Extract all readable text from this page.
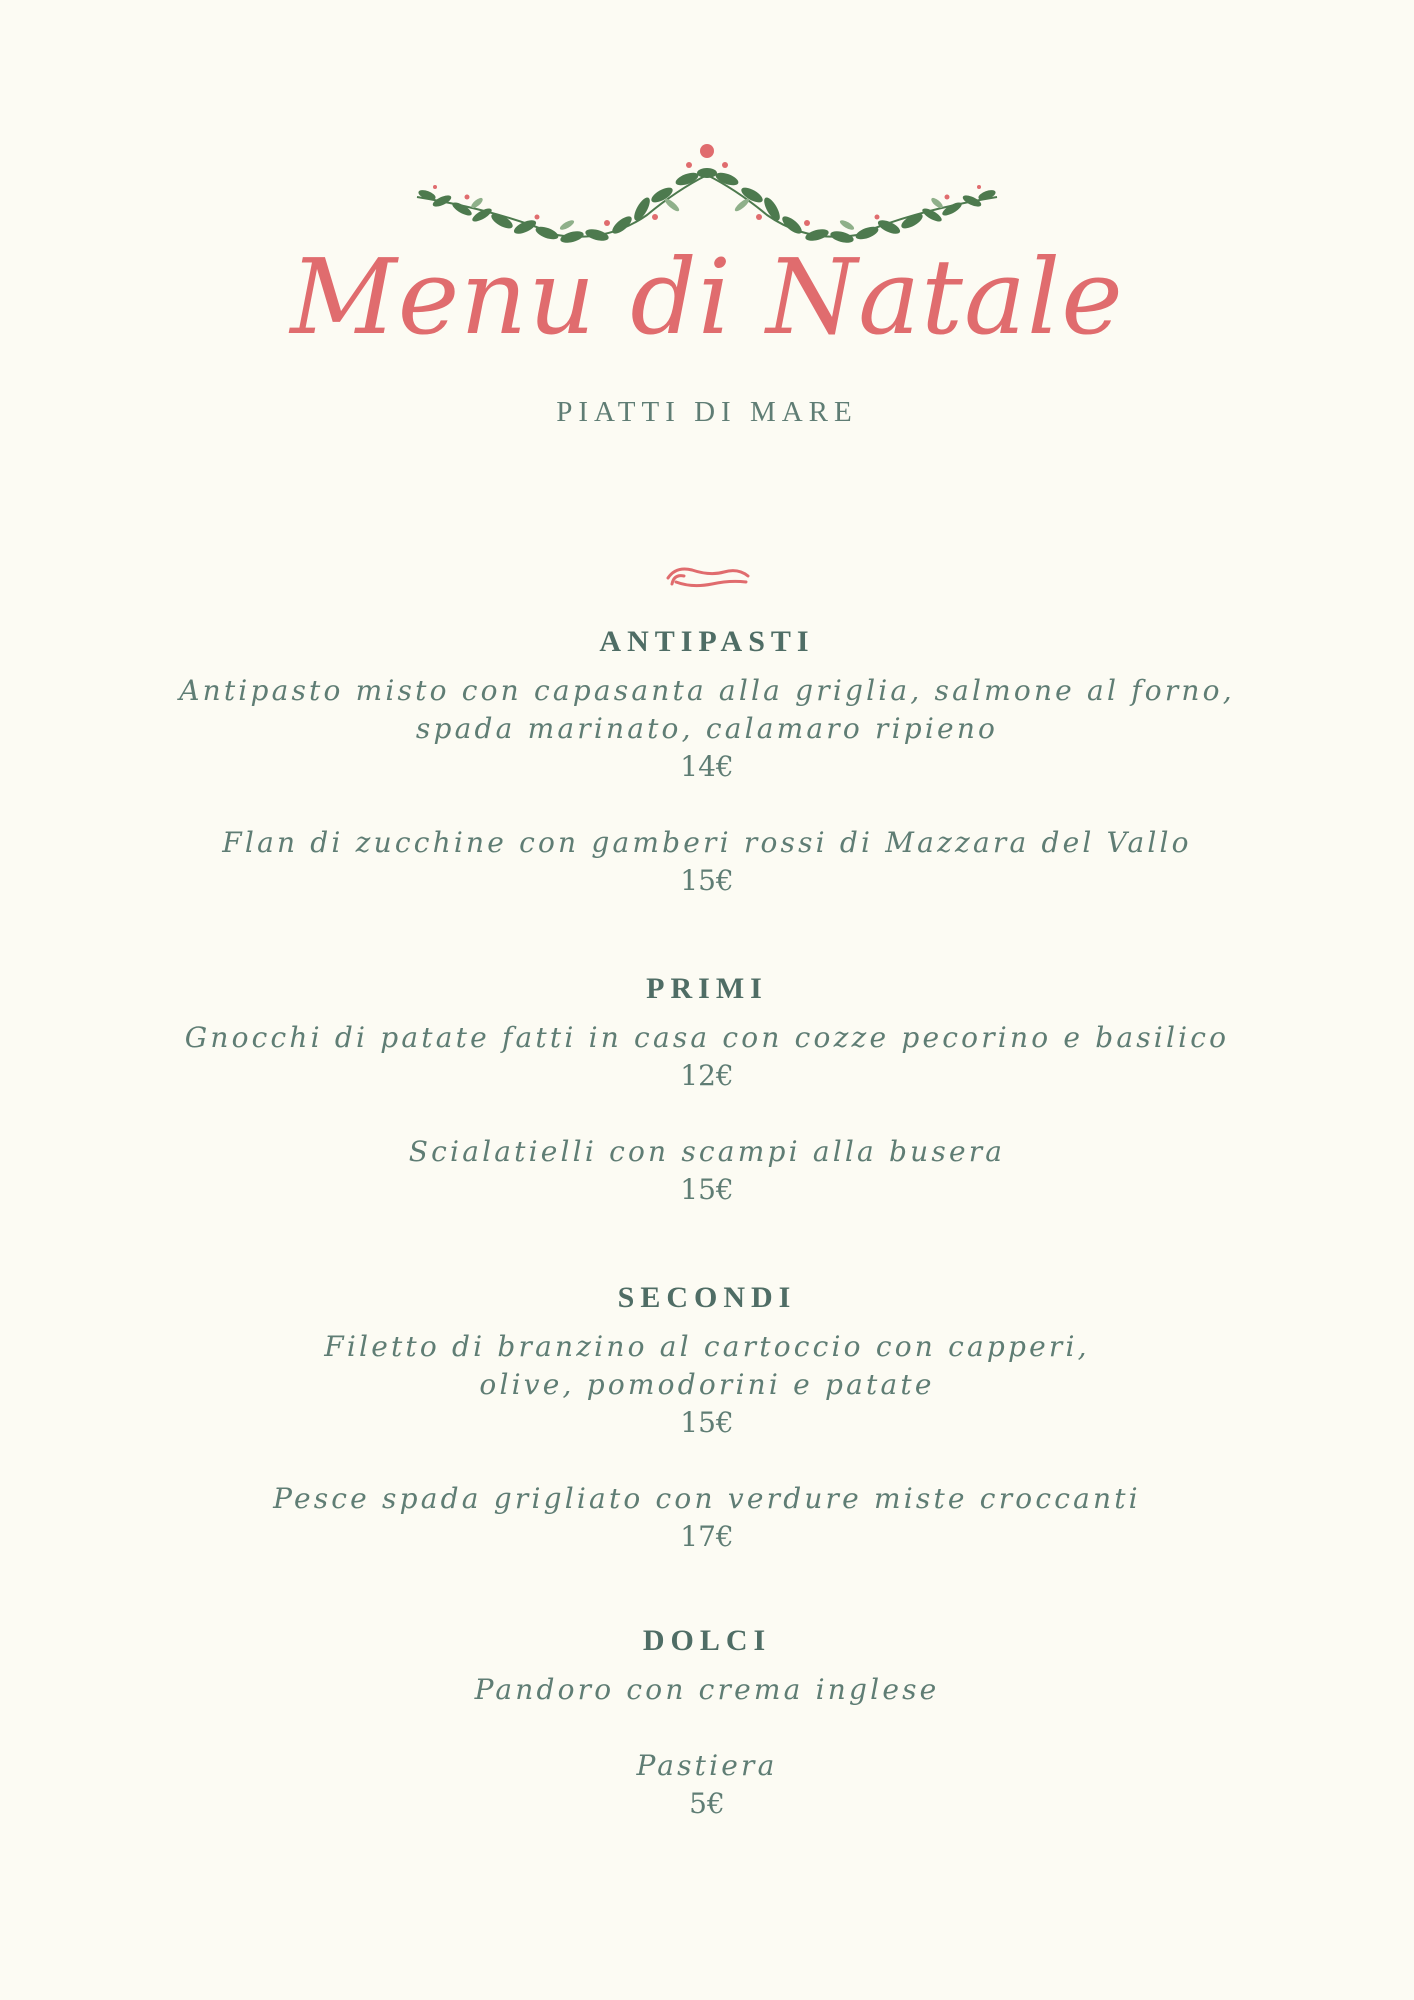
Menu di Natale
PIATTI DI MARE
ANTIPASTI
Antipasto misto con capasanta alla griglia, salmone al forno,
spada marinato, calamaro ripieno
14€
Flan di zucchine con gamberi rossi di Mazzara del Vallo
15€
PRIMI
Gnocchi di patate fatti in casa con cozze pecorino e basilico
12€
Scialatielli con scampi alla busera
15€
SECONDI
Filetto di branzino al cartoccio con capperi,
olive, pomodorini e patate
15€
Pesce spada grigliato con verdure miste croccanti
17€
DOLCI
Pandoro con crema inglese
Pastiera
5€
